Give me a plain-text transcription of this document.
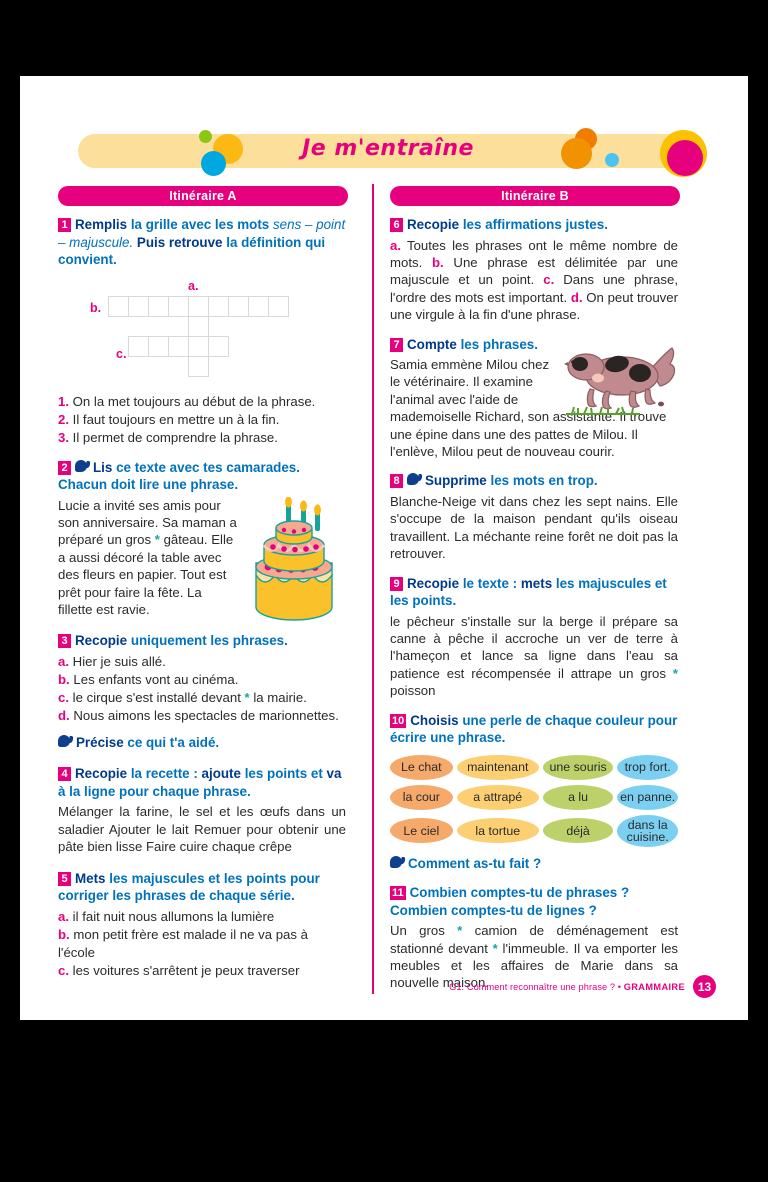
Je m'entraîne
Itinéraire A	Itinéraire B
1 Remplis la grille avec les mots sens – point – majuscule. Puis retrouve la définition qui convient.
a.
b.
c.
1. On la met toujours au début de la phrase.
2. Il faut toujours en mettre un à la fin.
3. Il permet de comprendre la phrase.
2 Lis ce texte avec tes camarades. Chacun doit lire une phrase.
Lucie a invité ses amis pour son anniversaire. Sa maman a préparé un gros * gâteau. Elle a aussi décoré la table avec des fleurs en papier. Tout est prêt pour faire la fête. La fillette est ravie.
3 Recopie uniquement les phrases.
a. Hier je suis allé.
b. Les enfants vont au cinéma.
c. le cirque s'est installé devant * la mairie.
d. Nous aimons les spectacles de marionnettes.
Précise ce qui t'a aidé.
4 Recopie la recette : ajoute les points et va à la ligne pour chaque phrase.
Mélanger la farine, le sel et les œufs dans un saladier Ajouter le lait Remuer pour obtenir une pâte bien lisse Faire cuire chaque crêpe
5 Mets les majuscules et les points pour corriger les phrases de chaque série.
a. il fait nuit nous allumons la lumière
b. mon petit frère est malade il ne va pas à l'école
c. les voitures s'arrêtent je peux traverser
6 Recopie les affirmations justes.
a. Toutes les phrases ont le même nombre de mots. b. Une phrase est délimitée par une majuscule et un point. c. Dans une phrase, l'ordre des mots est important. d. On peut trouver une virgule à la fin d'une phrase.
7 Compte les phrases.
Samia emmène Milou chez le vétérinaire. Il examine l'animal avec l'aide de
mademoiselle Richard, son assistante. Il trouve une épine dans une des pattes de Milou. Il l'enlève, Milou peut de nouveau courir.
8 Supprime les mots en trop.
Blanche-Neige vit dans chez les sept nains. Elle s'occupe de la maison pendant qu'ils oiseau travaillent. La méchante reine forêt ne doit pas la retrouver.
9 Recopie le texte : mets les majuscules et les points.
le pêcheur s'installe sur la berge il prépare sa canne à pêche il accroche un ver de terre à l'hameçon et lance sa ligne dans l'eau sa patience est récompensée il attrape un gros * poisson
10 Choisis une perle de chaque couleur pour écrire une phrase.
Le chat	maintenant	une souris	trop fort.
la cour	a attrapé	a lu	en panne.
Le ciel	la tortue	déjà	dans la cuisine.
Comment as-tu fait ?
11 Combien comptes-tu de phrases ? Combien comptes-tu de lignes ?
Un gros * camion de déménagement est stationné devant * l'immeuble. Il va emporter les meubles et les affaires de Marie dans sa nouvelle maison.
G1. Comment reconnaître une phrase ? • GRAMMAIRE	13
